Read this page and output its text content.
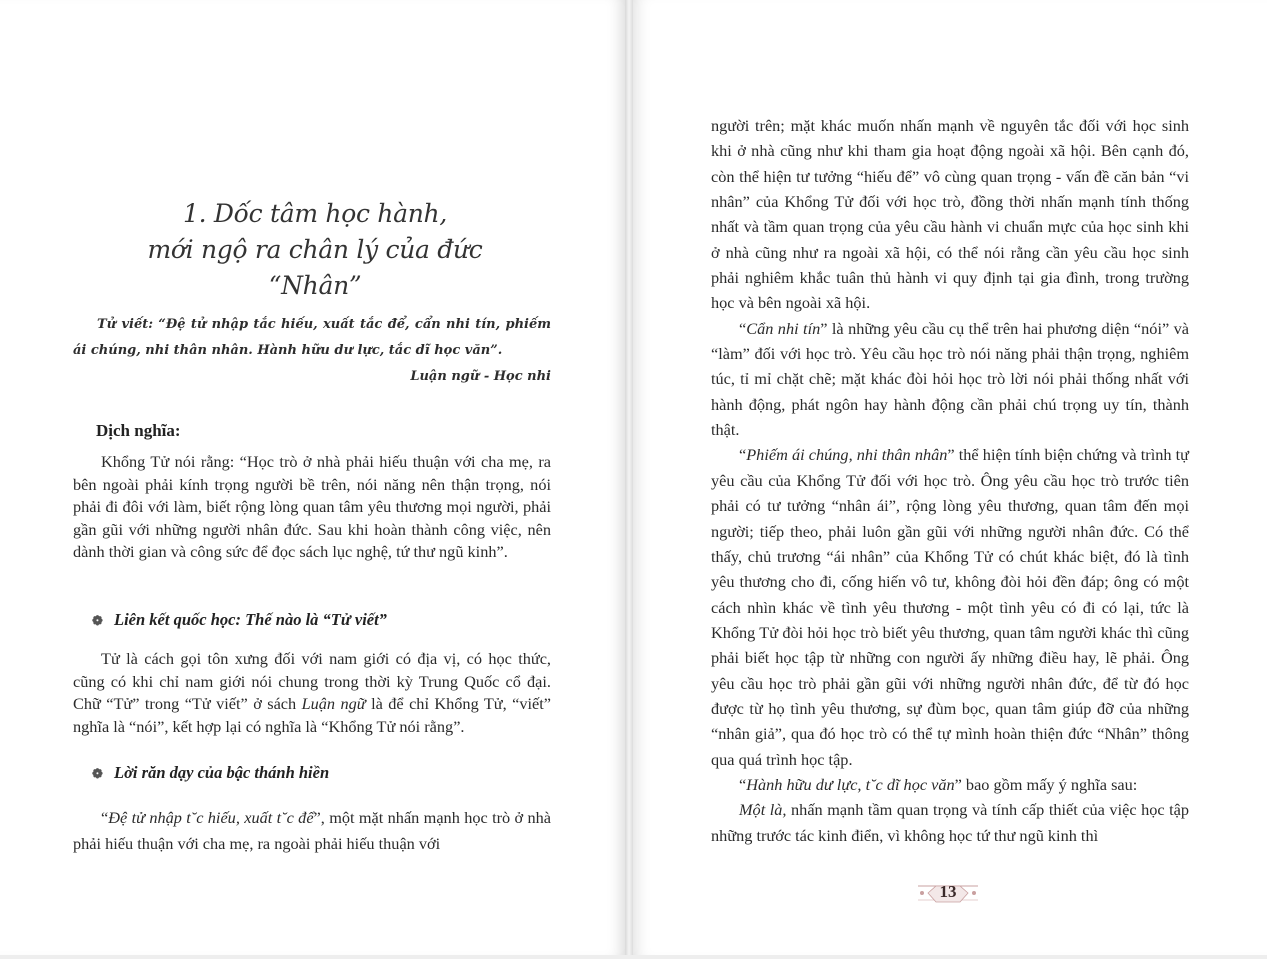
1. Dốc tâm học hành,
mới ngộ ra chân lý của đức “Nhân”
Tử viết: “Đệ tử nhập tắc hiếu, xuất tắc để, cẩn nhi tín, phiếm ái chúng, nhi thân nhân. Hành hữu dư lực, tắc dĩ học văn”.
Luận ngữ - Học nhi
Dịch nghĩa:
Khổng Tử nói rằng: “Học trò ở nhà phải hiếu thuận với cha mẹ, ra bên ngoài phải kính trọng người bề trên, nói năng nên thận trọng, nói phải đi đôi với làm, biết rộng lòng quan tâm yêu thương mọi người, phải gần gũi với những người nhân đức. Sau khi hoàn thành công việc, nên dành thời gian và công sức để đọc sách lục nghệ, tứ thư ngũ kinh”.
❁ Liên kết quốc học: Thế nào là “Tử viết”
Tử là cách gọi tôn xưng đối với nam giới có địa vị, có học thức, cũng có khi chỉ nam giới nói chung trong thời kỳ Trung Quốc cổ đại. Chữ “Tử” trong “Tử viết” ở sách Luận ngữ là để chỉ Khổng Tử, “viết” nghĩa là “nói”, kết hợp lại có nghĩa là “Khổng Tử nói rằng”.
❁ Lời răn dạy của bậc thánh hiền
“Đệ tử nhập t˘c hiếu, xuất t˘c để”, một mặt nhấn mạnh học trò ở nhà phải hiếu thuận với cha mẹ, ra ngoài phải hiếu thuận với

người trên; mặt khác muốn nhấn mạnh về nguyên tắc đối với học sinh khi ở nhà cũng như khi tham gia hoạt động ngoài xã hội. Bên cạnh đó, còn thể hiện tư tưởng “hiếu để” vô cùng quan trọng - vấn đề căn bản “vi nhân” của Khổng Tử đối với học trò, đồng thời nhấn mạnh tính thống nhất và tầm quan trọng của yêu cầu hành vi chuẩn mực của học sinh khi ở nhà cũng như ra ngoài xã hội, có thể nói rằng cần yêu cầu học sinh phải nghiêm khắc tuân thủ hành vi quy định tại gia đình, trong trường học và bên ngoài xã hội.

“Cẩn nhi tín” là những yêu cầu cụ thể trên hai phương diện “nói” và “làm” đối với học trò. Yêu cầu học trò nói năng phải thận trọng, nghiêm túc, tỉ mỉ chặt chẽ; mặt khác đòi hỏi học trò lời nói phải thống nhất với hành động, phát ngôn hay hành động cần phải chú trọng uy tín, thành thật.

“Phiếm ái chúng, nhi thân nhân” thể hiện tính biện chứng và trình tự yêu cầu của Khổng Tử đối với học trò. Ông yêu cầu học trò trước tiên phải có tư tưởng “nhân ái”, rộng lòng yêu thương, quan tâm đến mọi người; tiếp theo, phải luôn gần gũi với những người nhân đức. Có thể thấy, chủ trương “ái nhân” của Khổng Tử có chút khác biệt, đó là tình yêu thương cho đi, cống hiến vô tư, không đòi hỏi đền đáp; ông có một cách nhìn khác về tình yêu thương - một tình yêu có đi có lại, tức là Khổng Tử đòi hỏi học trò biết yêu thương, quan tâm người khác thì cũng phải biết học tập từ những con người ấy những điều hay, lẽ phải. Ông yêu cầu học trò phải gần gũi với những người nhân đức, để từ đó học được từ họ tình yêu thương, sự đùm bọc, quan tâm giúp đỡ của những “nhân giả”, qua đó học trò có thể tự mình hoàn thiện đức “Nhân” thông qua quá trình học tập.

“Hành hữu dư lực, t˘c dĩ học văn” bao gồm mấy ý nghĩa sau:

Một là, nhấn mạnh tầm quan trọng và tính cấp thiết của việc học tập những trước tác kinh điển, vì không học tứ thư ngũ kinh thì

13
